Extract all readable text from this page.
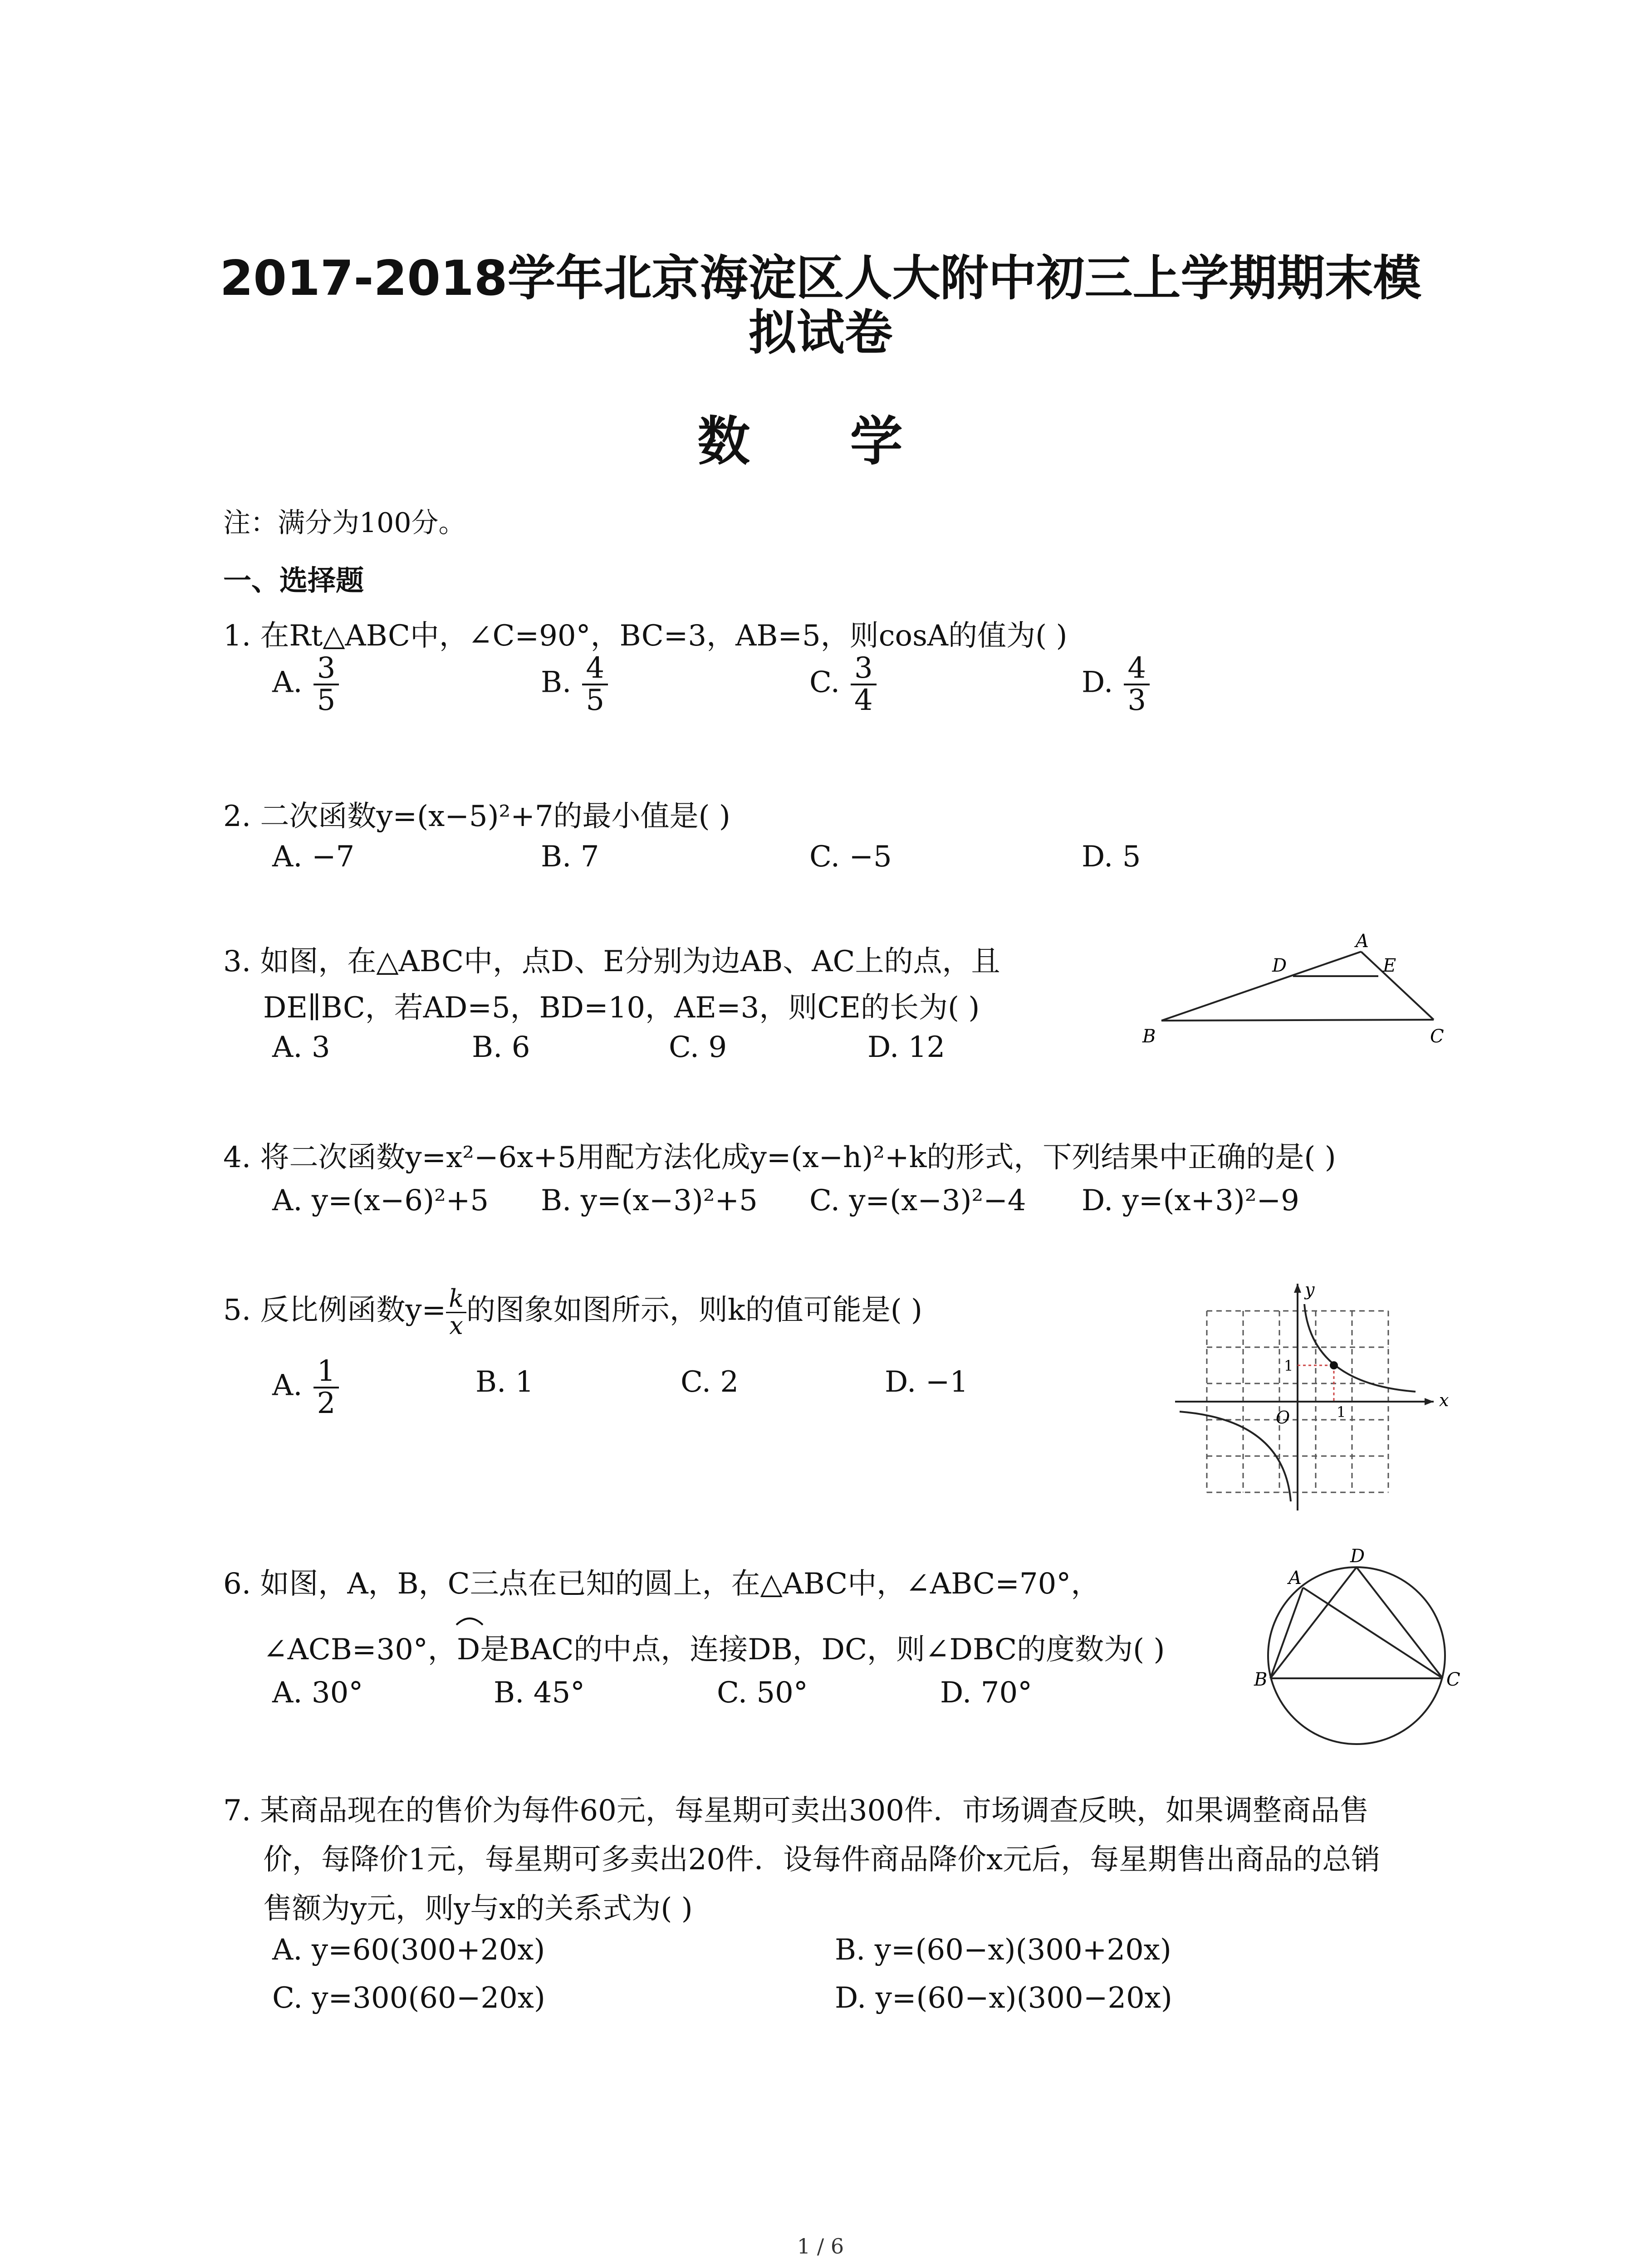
2017-2018学年北京海淀区人大附中初三上学期期末模
拟试卷
数 学
注：满分为100分。
一、选择题
1. 在Rt△ABC中，∠C=90°，BC=3，AB=5，则cosA的值为( )
A. $\frac{3}{5}$	B. $\frac{4}{5}$	C. $\frac{3}{4}$	D. $\frac{4}{3}$
2. 二次函数y=(x−5)²+7的最小值是( )
A. −7	B. 7	C. −5	D. 5
3. 如图，在△ABC中，点D、E分别为边AB、AC上的点，且
DE∥BC，若AD=5，BD=10，AE=3，则CE的长为( )
A. 3	B. 6	C. 9	D. 12
A
B	C
D	E
4. 将二次函数y=x²−6x+5用配方法化成y=(x−h)²+k的形式，下列结果中正确的是( )
A. y=(x−6)²+5 B. y=(x−3)²+5 C. y=(x−3)²−4 D. y=(x+3)²−9
5. 反比例函数$y= \frac{k}{x}$ 的图象如图所示，则k的值可能是( )
A. $\frac{1}{2}$	B. 1	C. 2	D. −1
y
x
O
1
1
6. 如图，A，B，C三点在已知的圆上，在△ABC中，∠ABC=70°，
∠ACB=30°，D是BAC的中点，连接DB，DC，则∠DBC的度数为( )
A. 30°	B. 45°	C. 50°	D. 70°
A
B	C
D
7. 某商品现在的售价为每件60元，每星期可卖出300件．市场调查反映，如果调整商品售
价，每降价1元，每星期可多卖出20件．设每件商品降价x元后，每星期售出商品的总销
售额为y元，则y与x的关系式为( )
A. y=60(300+20x)	B. y=(60−x)(300+20x)
C. y=300(60−20x)	D. y=(60−x)(300−20x)
1 / 6
